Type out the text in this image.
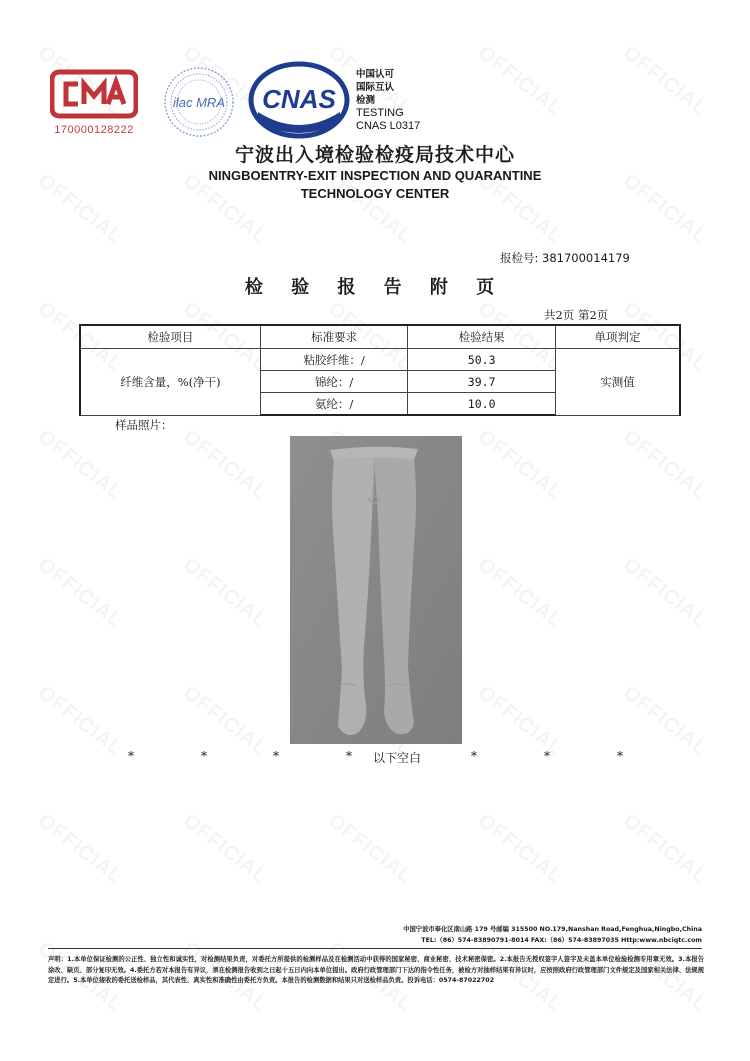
170000128222
ilac MRA CNAS
中国认可
国际互认
检测
TESTING
CNAS L0317
宁波出入境检验检疫局技术中心
NINGBOENTRY-EXIT INSPECTION AND QUARANTINE
TECHNOLOGY CENTER
报检号: 381700014179
检 验 报 告 附 页
共2页 第2页
检验项目	标准要求	检验结果	单项判定
纤维含量，%(净干)	粘胶纤维：/	50.3	实测值
	锦纶：/	39.7	
	氨纶：/	10.0	
样品照片：
*	*	*	* 以下空白	*	*	*
中国宁波市奉化区南山路 179 号邮编 315500 NO.179,Nanshan Road,Fenghua,Ningbo,China
TEL:（86）574-83890791-8014 FAX:（86）574-83897035 Http:www.nbciqtc.com
声明：1.本单位保证检测的公正性、独立性和诚实性，对检测结果负责，对委托方所提供的检测样品及在检测活动中获得的国家秘密、商业秘密、技术秘密保密。2.本报告无授权签字人签字及未盖本单位检验检测专用章无效。3.本报告涂改、缺页、部分复印无效。4.委托方若对本报告有异议，须在检测报告收到之日起十五日内向本单位提出。政府行政管理部门下达的指令性任务，被检方对抽样结果有异议时，应按照政府行政管理部门文件规定及国家相关法律、法规规定进行。5.本单位接收的委托送检样品，其代表性、真实性和准确性由委托方负责。本报告的检测数据和结果只对送检样品负责。投诉电话：0574-87022702
